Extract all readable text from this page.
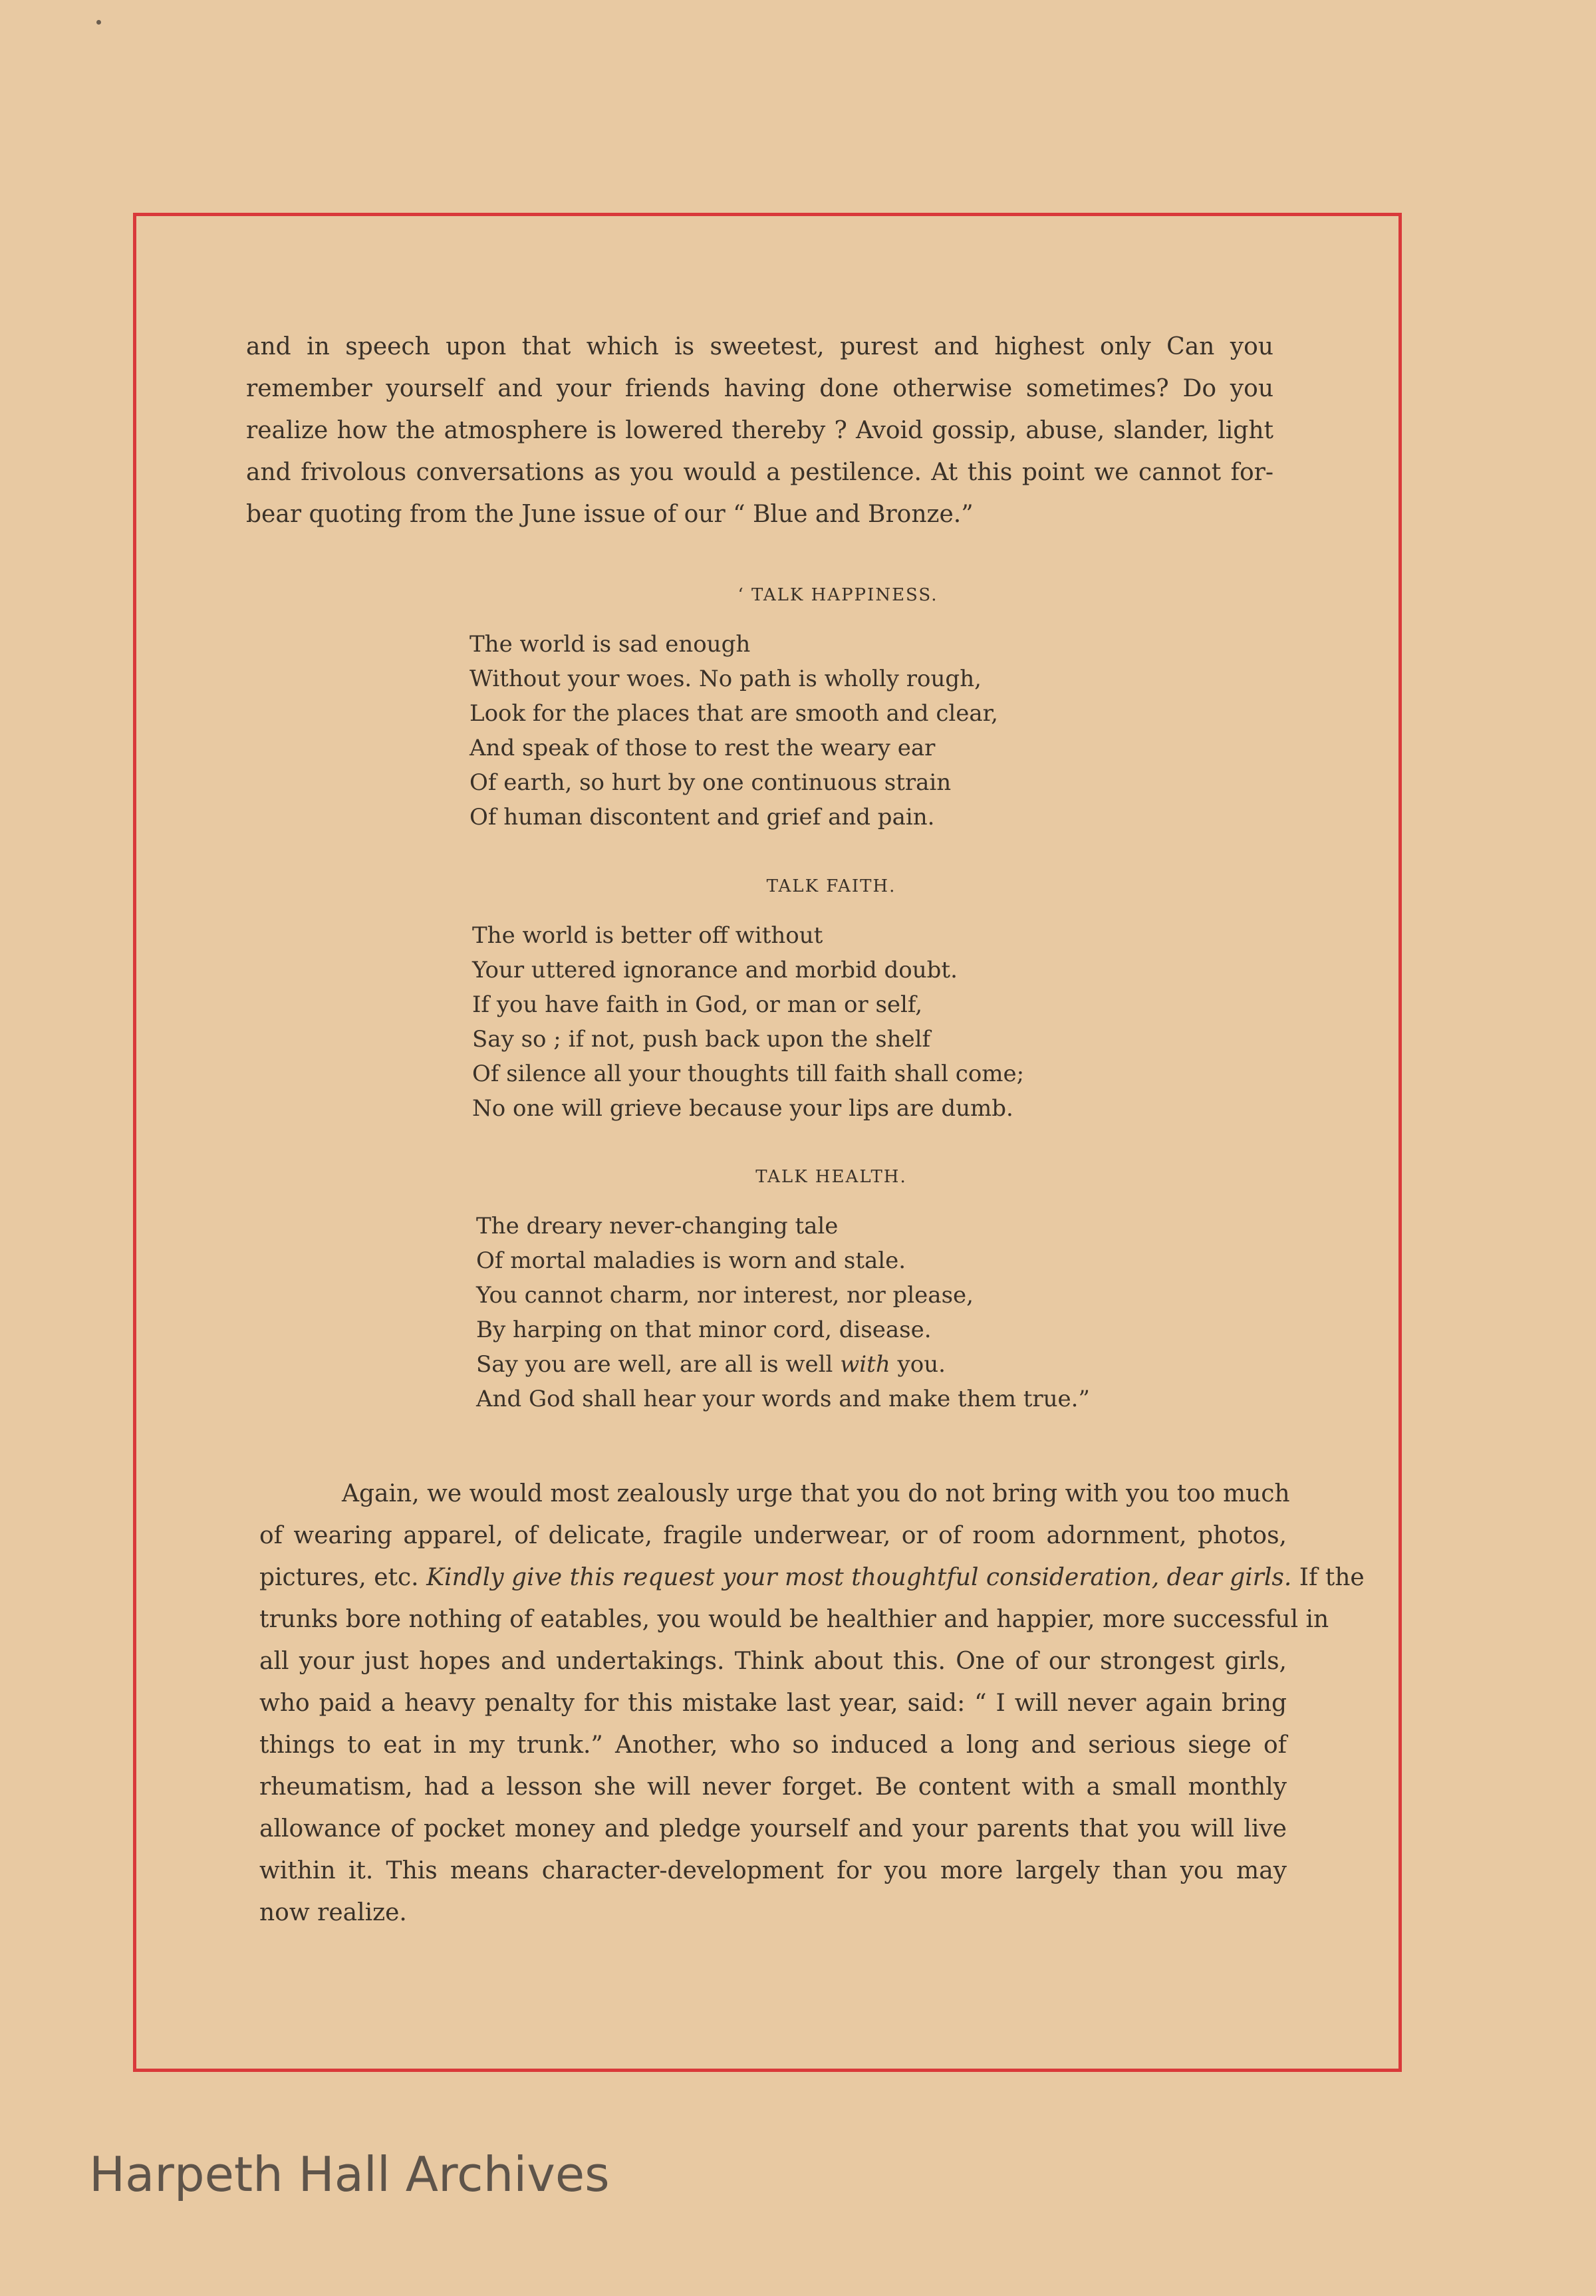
and in speech upon that which is sweetest, purest and highest only Can you
remember yourself and your friends having done otherwise sometimes? Do you
realize how the atmosphere is lowered thereby ? Avoid gossip, abuse, slander, light
and frivolous conversations as you would a pestilence. At this point we cannot for-
bear quoting from the June issue of our “ Blue and Bronze.”

‘ TALK HAPPINESS.

The world is sad enough
Without your woes. No path is wholly rough,
Look for the places that are smooth and clear,
And speak of those to rest the weary ear
Of earth, so hurt by one continuous strain
Of human discontent and grief and pain.

TALK FAITH.

The world is better off without
Your uttered ignorance and morbid doubt.
If you have faith in God, or man or self,
Say so ; if not, push back upon the shelf
Of silence all your thoughts till faith shall come;
No one will grieve because your lips are dumb.

TALK HEALTH.

The dreary never-changing tale
Of mortal maladies is worn and stale.
You cannot charm, nor interest, nor please,
By harping on that minor cord, disease.
Say you are well, are all is well with you.
And God shall hear your words and make them true.”

Again, we would most zealously urge that you do not bring with you too much
of wearing apparel, of delicate, fragile underwear, or of room adornment, photos,
pictures, etc. Kindly give this request your most thoughtful consideration, dear girls. If the
trunks bore nothing of eatables, you would be healthier and happier, more successful in
all your just hopes and undertakings. Think about this. One of our strongest girls,
who paid a heavy penalty for this mistake last year, said: “ I will never again bring
things to eat in my trunk.” Another, who so induced a long and serious siege of
rheumatism, had a lesson she will never forget. Be content with a small monthly
allowance of pocket money and pledge yourself and your parents that you will live
within it. This means character-development for you more largely than you may
now realize.

Harpeth Hall Archives
